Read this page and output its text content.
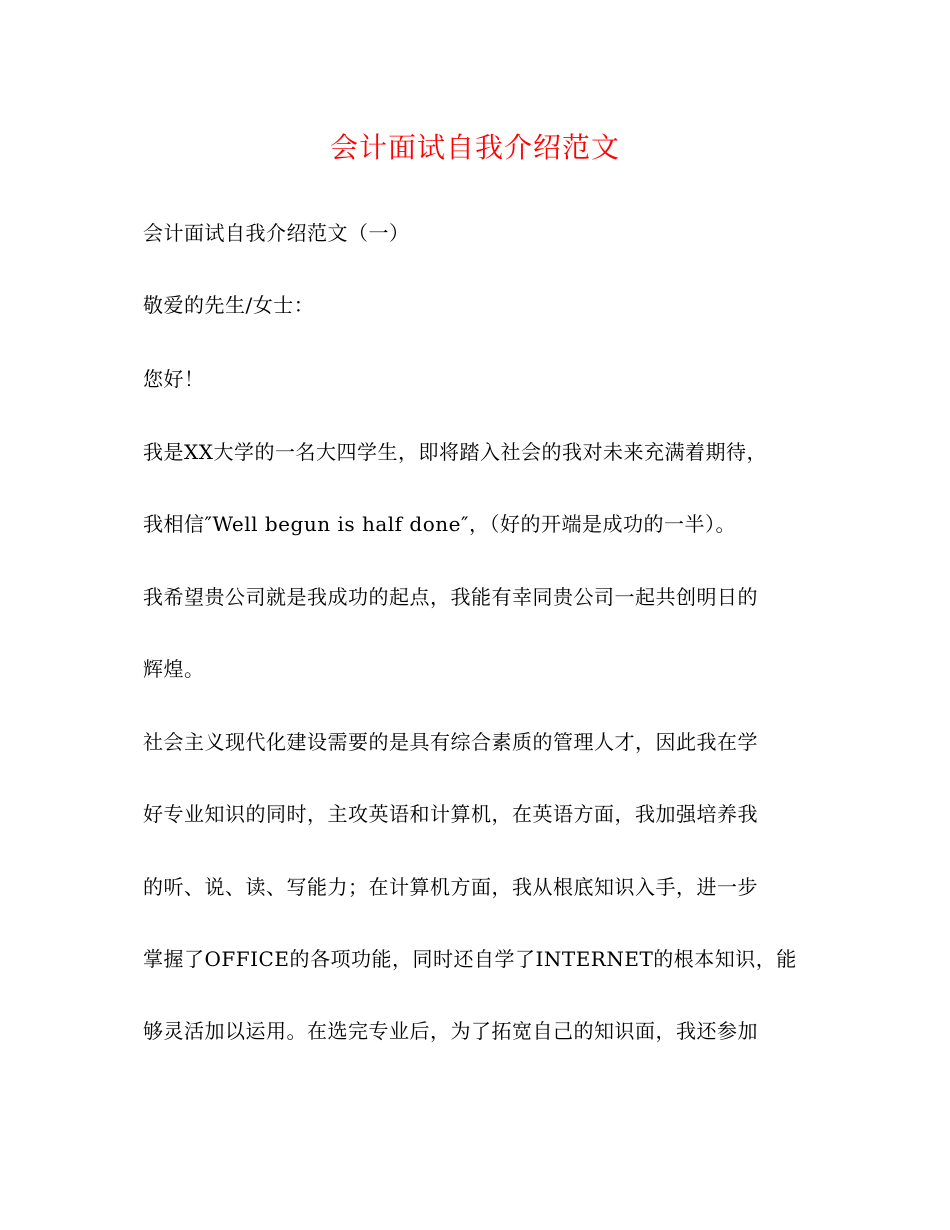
会计面试自我介绍范文

会计面试自我介绍范文（一）

敬爱的先生/女士：

您好！

我是XX大学的一名大四学生，即将踏入社会的我对未来充满着期待，

我相信″Well begun is half done″，（好的开端是成功的一半）。

我希望贵公司就是我成功的起点，我能有幸同贵公司一起共创明日的

辉煌。

社会主义现代化建设需要的是具有综合素质的管理人才，因此我在学

好专业知识的同时，主攻英语和计算机，在英语方面，我加强培养我

的听、说、读、写能力；在计算机方面，我从根底知识入手，进一步

掌握了OFFICE的各项功能，同时还自学了INTERNET的根本知识，能

够灵活加以运用。在选完专业后，为了拓宽自己的知识面，我还参加
